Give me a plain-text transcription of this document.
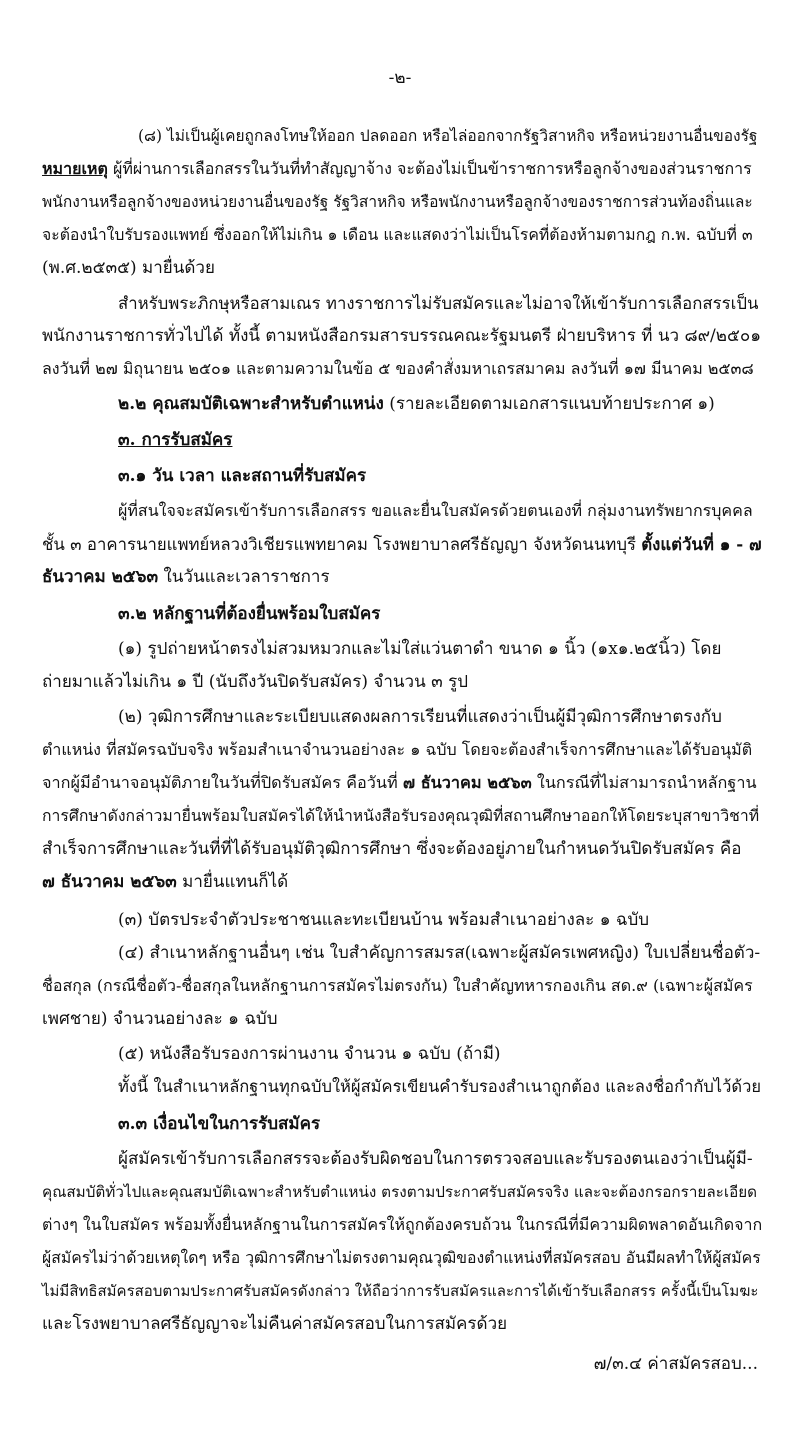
-๒-
(๘) ไม่เป็นผู้เคยถูกลงโทษให้ออก ปลดออก หรือไล่ออกจากรัฐวิสาหกิจ หรือหน่วยงานอื่นของรัฐ
หมายเหตุ ผู้ที่ผ่านการเลือกสรรในวันที่ทำสัญญาจ้าง จะต้องไม่เป็นข้าราชการหรือลูกจ้างของส่วนราชการ
พนักงานหรือลูกจ้างของหน่วยงานอื่นของรัฐ รัฐวิสาหกิจ หรือพนักงานหรือลูกจ้างของราชการส่วนท้องถิ่นและ
จะต้องนำใบรับรองแพทย์ ซึ่งออกให้ไม่เกิน ๑ เดือน และแสดงว่าไม่เป็นโรคที่ต้องห้ามตามกฎ ก.พ. ฉบับที่ ๓
(พ.ศ.๒๕๓๕) มายื่นด้วย
สำหรับพระภิกษุหรือสามเณร ทางราชการไม่รับสมัครและไม่อาจให้เข้ารับการเลือกสรรเป็น
พนักงานราชการทั่วไปได้ ทั้งนี้ ตามหนังสือกรมสารบรรณคณะรัฐมนตรี ฝ่ายบริหาร ที่ นว ๘๙/๒๕๐๑
ลงวันที่ ๒๗ มิถุนายน ๒๕๐๑ และตามความในข้อ ๕ ของคำสั่งมหาเถรสมาคม ลงวันที่ ๑๗ มีนาคม ๒๕๓๘
๒.๒ คุณสมบัติเฉพาะสำหรับตำแหน่ง (รายละเอียดตามเอกสารแนบท้ายประกาศ ๑)
๓. การรับสมัคร
๓.๑ วัน เวลา และสถานที่รับสมัคร
ผู้ที่สนใจจะสมัครเข้ารับการเลือกสรร ขอและยื่นใบสมัครด้วยตนเองที่ กลุ่มงานทรัพยากรบุคคล
ชั้น ๓ อาคารนายแพทย์หลวงวิเชียรแพทยาคม โรงพยาบาลศรีธัญญา จังหวัดนนทบุรี ตั้งแต่วันที่ ๑ - ๗
ธันวาคม ๒๕๖๓ ในวันและเวลาราชการ
๓.๒ หลักฐานที่ต้องยื่นพร้อมใบสมัคร
(๑) รูปถ่ายหน้าตรงไม่สวมหมวกและไม่ใส่แว่นตาดำ ขนาด ๑ นิ้ว (๑x๑.๒๕นิ้ว) โดย
ถ่ายมาแล้วไม่เกิน ๑ ปี (นับถึงวันปิดรับสมัคร) จำนวน ๓ รูป
(๒) วุฒิการศึกษาและระเบียบแสดงผลการเรียนที่แสดงว่าเป็นผู้มีวุฒิการศึกษาตรงกับ
ตำแหน่ง ที่สมัครฉบับจริง พร้อมสำเนาจำนวนอย่างละ ๑ ฉบับ โดยจะต้องสำเร็จการศึกษาและได้รับอนุมัติ
จากผู้มีอำนาจอนุมัติภายในวันที่ปิดรับสมัคร คือวันที่ ๗ ธันวาคม ๒๕๖๓ ในกรณีที่ไม่สามารถนำหลักฐาน
การศึกษาดังกล่าวมายื่นพร้อมใบสมัครได้ให้นำหนังสือรับรองคุณวุฒิที่สถานศึกษาออกให้โดยระบุสาขาวิชาที่
สำเร็จการศึกษาและวันที่ที่ได้รับอนุมัติวุฒิการศึกษา ซึ่งจะต้องอยู่ภายในกำหนดวันปิดรับสมัคร คือ
๗ ธันวาคม ๒๕๖๓ มายื่นแทนก็ได้
(๓) บัตรประจำตัวประชาชนและทะเบียนบ้าน พร้อมสำเนาอย่างละ ๑ ฉบับ
(๔) สำเนาหลักฐานอื่นๆ เช่น ใบสำคัญการสมรส(เฉพาะผู้สมัครเพศหญิง) ใบเปลี่ยนชื่อตัว-
ชื่อสกุล (กรณีชื่อตัว-ชื่อสกุลในหลักฐานการสมัครไม่ตรงกัน) ใบสำคัญทหารกองเกิน สด.๙ (เฉพาะผู้สมัคร
เพศชาย) จำนวนอย่างละ ๑ ฉบับ
(๕) หนังสือรับรองการผ่านงาน จำนวน ๑ ฉบับ (ถ้ามี)
ทั้งนี้ ในสำเนาหลักฐานทุกฉบับให้ผู้สมัครเขียนคำรับรองสำเนาถูกต้อง และลงชื่อกำกับไว้ด้วย
๓.๓ เงื่อนไขในการรับสมัคร
ผู้สมัครเข้ารับการเลือกสรรจะต้องรับผิดชอบในการตรวจสอบและรับรองตนเองว่าเป็นผู้มี-
คุณสมบัติทั่วไปและคุณสมบัติเฉพาะสำหรับตำแหน่ง ตรงตามประกาศรับสมัครจริง และจะต้องกรอกรายละเอียด
ต่างๆ ในใบสมัคร พร้อมทั้งยื่นหลักฐานในการสมัครให้ถูกต้องครบถ้วน ในกรณีที่มีความผิดพลาดอันเกิดจาก
ผู้สมัครไม่ว่าด้วยเหตุใดๆ หรือ วุฒิการศึกษาไม่ตรงตามคุณวุฒิของตำแหน่งที่สมัครสอบ อันมีผลทำให้ผู้สมัคร
ไม่มีสิทธิสมัครสอบตามประกาศรับสมัครดังกล่าว ให้ถือว่าการรับสมัครและการได้เข้ารับเลือกสรร ครั้งนี้เป็นโมฆะ
และโรงพยาบาลศรีธัญญาจะไม่คืนค่าสมัครสอบในการสมัครด้วย
๗/๓.๔ ค่าสมัครสอบ...
